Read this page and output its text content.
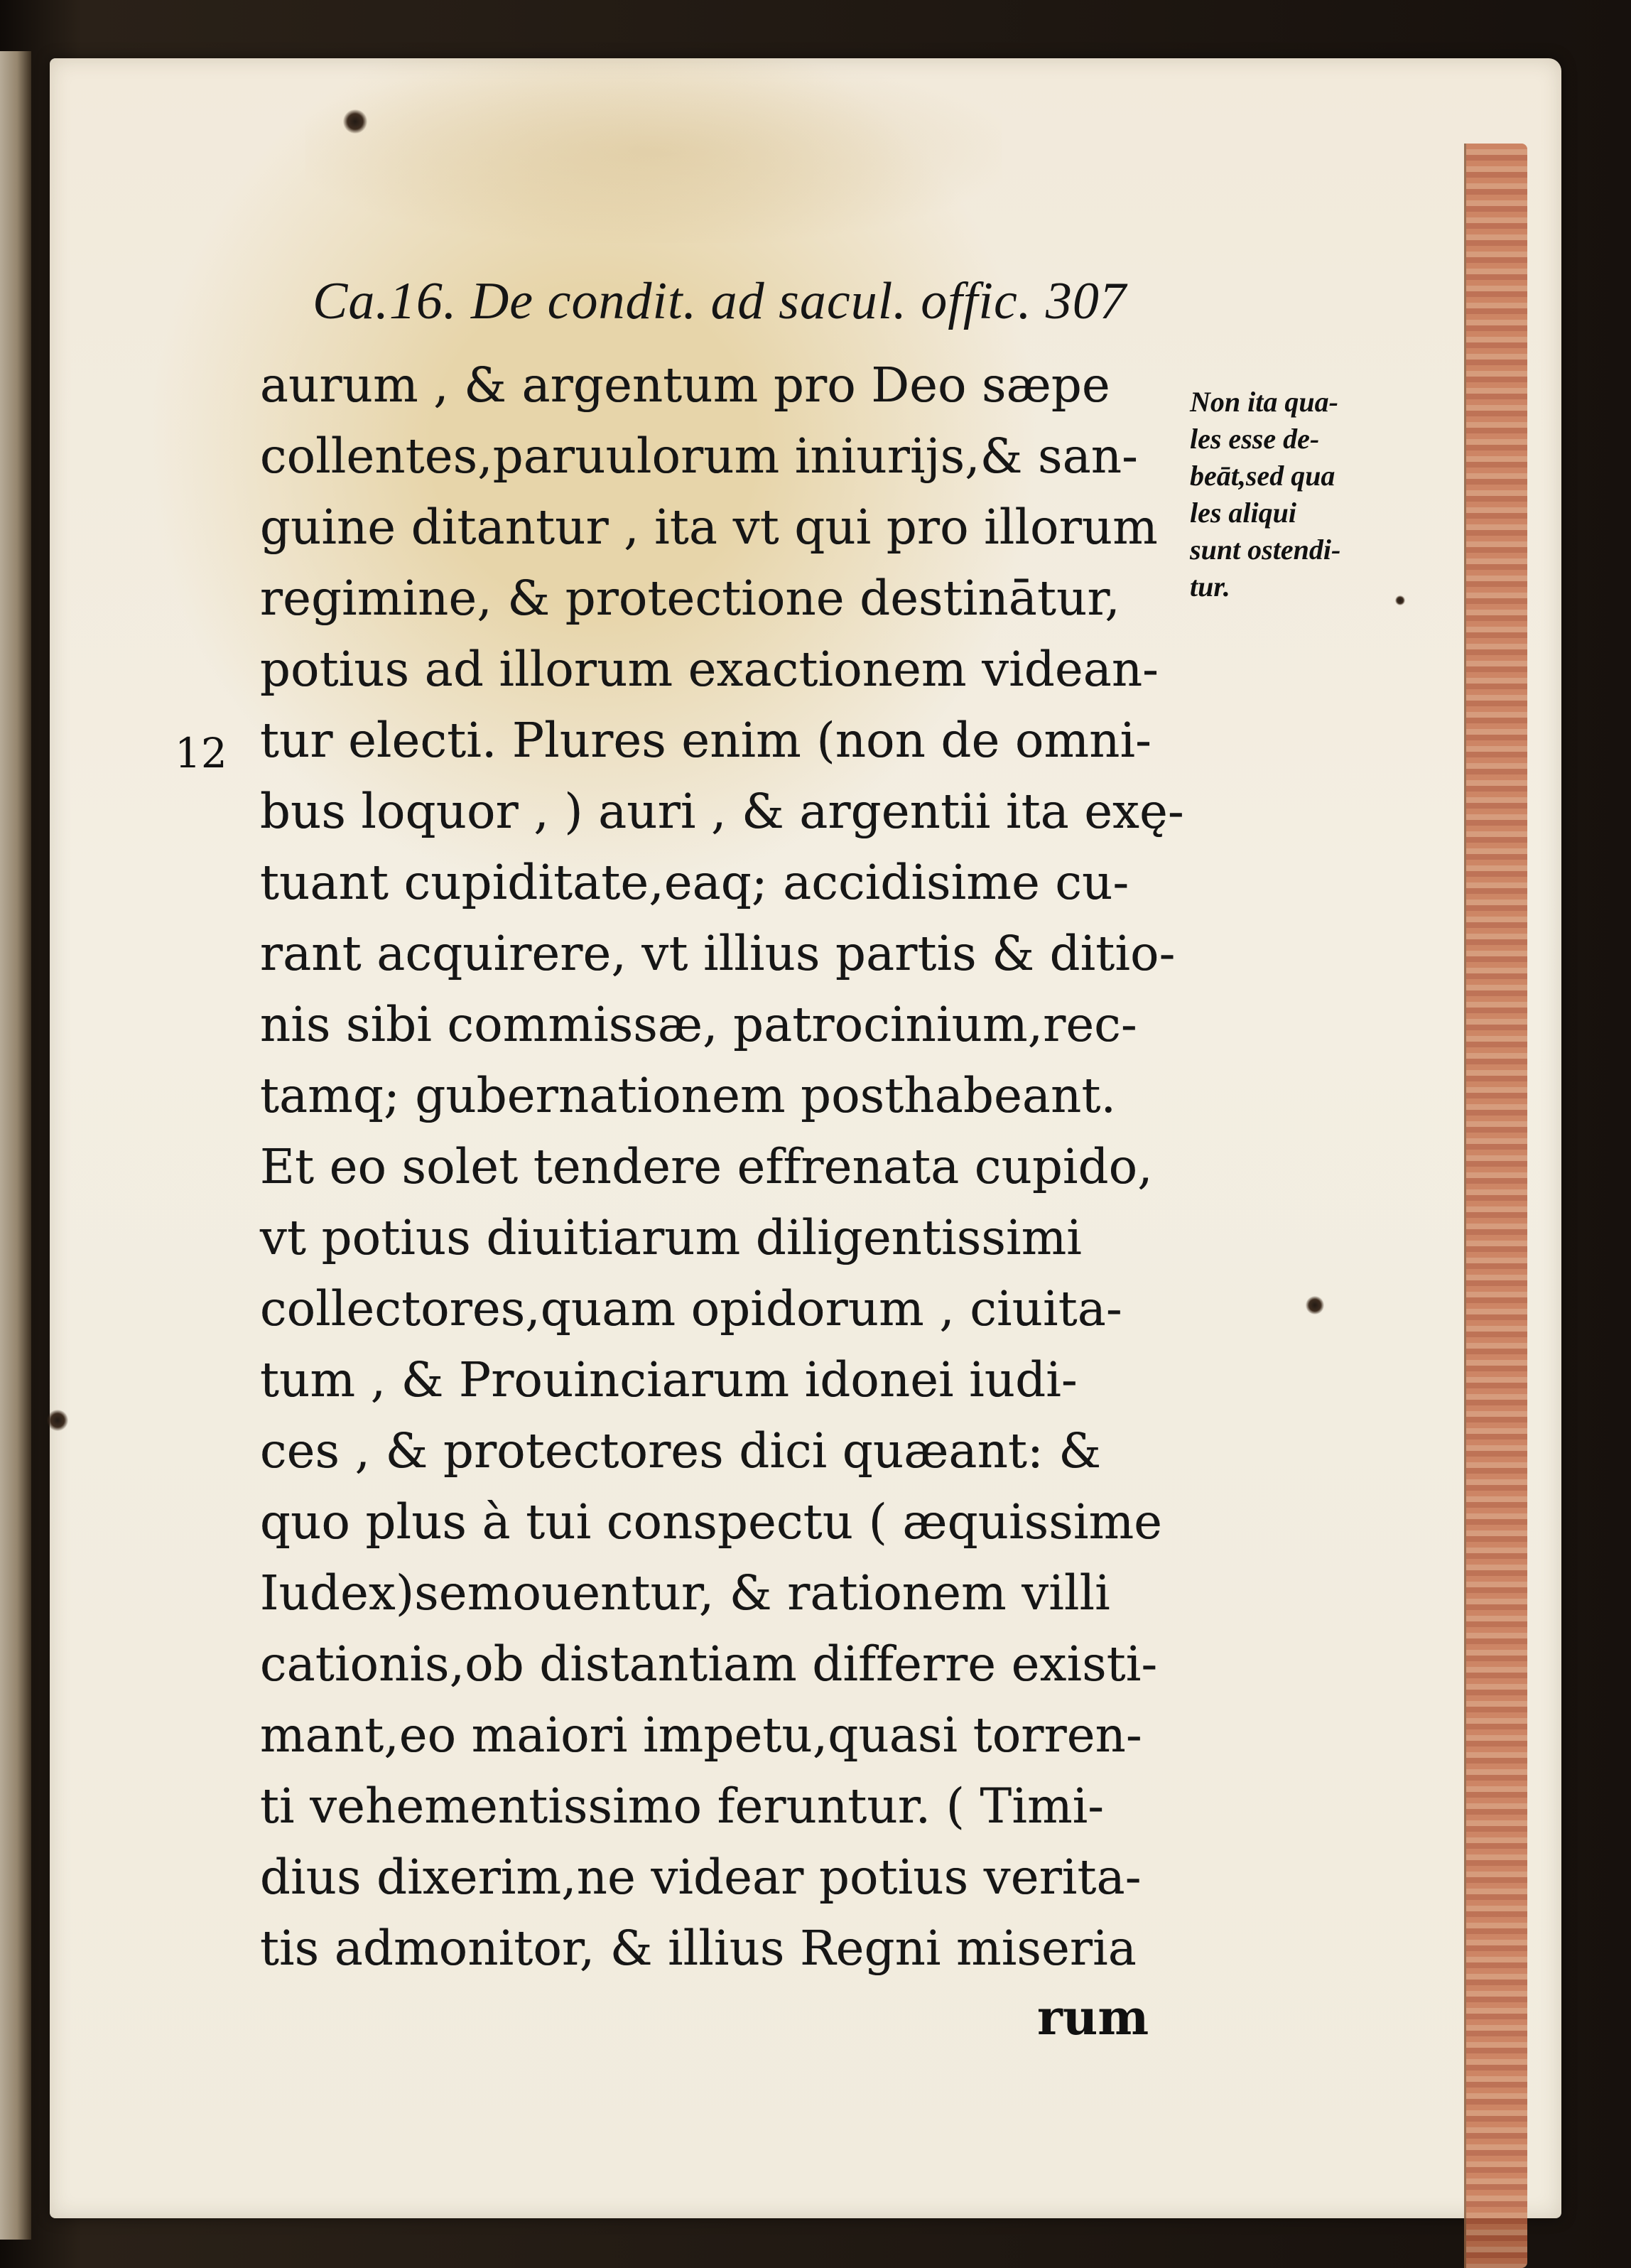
Ca.16. De condit. ad sacul. offic. 307
Non ita qua-
les esse de-
beāt,sed qua
les aliqui
sunt ostendi-
tur.
12
aurum , & argentum pro Deo sæpe
collentes,paruulorum iniurijs,& san-
guine ditantur , ita vt qui pro illorum
regimine, & protectione destinātur,
potius ad illorum exactionem videan-
tur electi. Plures enim (non de omni-
bus loquor , ) auri , & argentii ita exę-
tuant cupiditate,eaq; accidisime cu-
rant acquirere, vt illius partis & ditio-
nis sibi commissæ, patrocinium,rec-
tamq; gubernationem posthabeant.
Et eo solet tendere effrenata cupido,
vt potius diuitiarum diligentissimi
collectores,quam opidorum , ciuita-
tum , & Prouinciarum idonei iudi-
ces , & protectores dici quæant: &
quo plus à tui conspectu ( æquissime
Iudex)semouentur, & rationem villi
cationis,ob distantiam differre existi-
mant,eo maiori impetu,quasi torren-
ti vehementissimo feruntur. ( Timi-
dius dixerim,ne videar potius verita-
tis admonitor, & illius Regni miseria
rum
